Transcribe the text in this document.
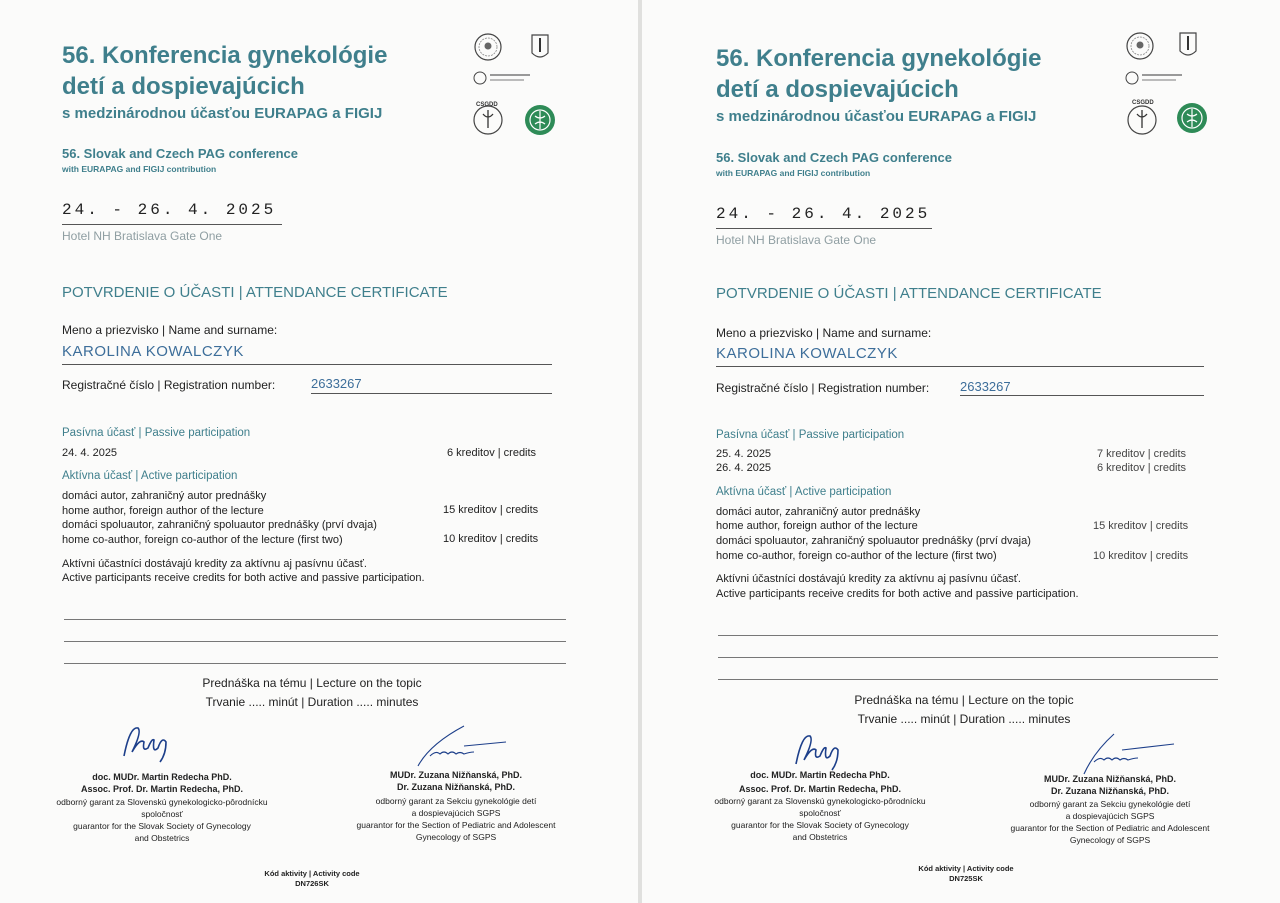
56. Konferencia gynekológie
detí a dospievajúcich
s medzinárodnou účasťou EURAPAG a FIGIJ
56. Slovak and Czech PAG conference
with EURAPAG and FIGIJ contribution
CSGDD
24. - 26. 4. 2025
Hotel NH Bratislava Gate One
POTVRDENIE O ÚČASTI | ATTENDANCE CERTIFICATE
Meno a priezvisko | Name and surname:
KAROLINA KOWALCZYK
Registračné číslo | Registration number:	2633267
Pasívna účasť | Passive participation
24. 4. 2025	6 kreditov | credits
Aktívna účasť | Active participation
domáci autor, zahraničný autor prednášky
home author, foreign author of the lecture	15 kreditov | credits
domáci spoluautor, zahraničný spoluautor prednášky (prví dvaja)
home co-author, foreign co-author of the lecture (first two)	10 kreditov | credits
Aktívni účastníci dostávajú kredity za aktívnu aj pasívnu účasť.
Active participants receive credits for both active and passive participation.
Prednáška na tému | Lecture on the topic
Trvanie ..... minút | Duration ..... minutes
doc. MUDr. Martin Redecha PhD.
Assoc. Prof. Dr. Martin Redecha, PhD.
odborný garant za Slovenskú gynekologicko-pôrodnícku
spoločnosť
guarantor for the Slovak Society of Gynecology
and Obstetrics
MUDr. Zuzana Nižňanská, PhD.
Dr. Zuzana Nižňanská, PhD.
odborný garant za Sekciu gynekológie detí
a dospievajúcich SGPS
guarantor for the Section of Pediatric and Adolescent
Gynecology of SGPS
Kód aktivity | Activity code
DN726SK
56. Konferencia gynekológie
detí a dospievajúcich
s medzinárodnou účasťou EURAPAG a FIGIJ
56. Slovak and Czech PAG conference
with EURAPAG and FIGIJ contribution
CSGDD
24. - 26. 4. 2025
Hotel NH Bratislava Gate One
POTVRDENIE O ÚČASTI | ATTENDANCE CERTIFICATE
Meno a priezvisko | Name and surname:
KAROLINA KOWALCZYK
Registračné číslo | Registration number: 2633267
Pasívna účasť | Passive participation
25. 4. 2025	7 kreditov | credits
26. 4. 2025	6 kreditov | credits
Aktívna účasť | Active participation
domáci autor, zahraničný autor prednášky
home author, foreign author of the lecture	15 kreditov | credits
domáci spoluautor, zahraničný spoluautor prednášky (prví dvaja)
home co-author, foreign co-author of the lecture (first two)	10 kreditov | credits
Aktívni účastníci dostávajú kredity za aktívnu aj pasívnu účasť.
Active participants receive credits for both active and passive participation.
Prednáška na tému | Lecture on the topic
Trvanie ..... minút | Duration ..... minutes
doc. MUDr. Martin Redecha PhD.
Assoc. Prof. Dr. Martin Redecha, PhD.
odborný garant za Slovenskú gynekologicko-pôrodnícku
spoločnosť
guarantor for the Slovak Society of Gynecology
and Obstetrics
MUDr. Zuzana Nižňanská, PhD.
Dr. Zuzana Nižňanská, PhD.
odborný garant za Sekciu gynekológie detí
a dospievajúcich SGPS
guarantor for the Section of Pediatric and Adolescent
Gynecology of SGPS
Kód aktivity | Activity code
DN725SK
